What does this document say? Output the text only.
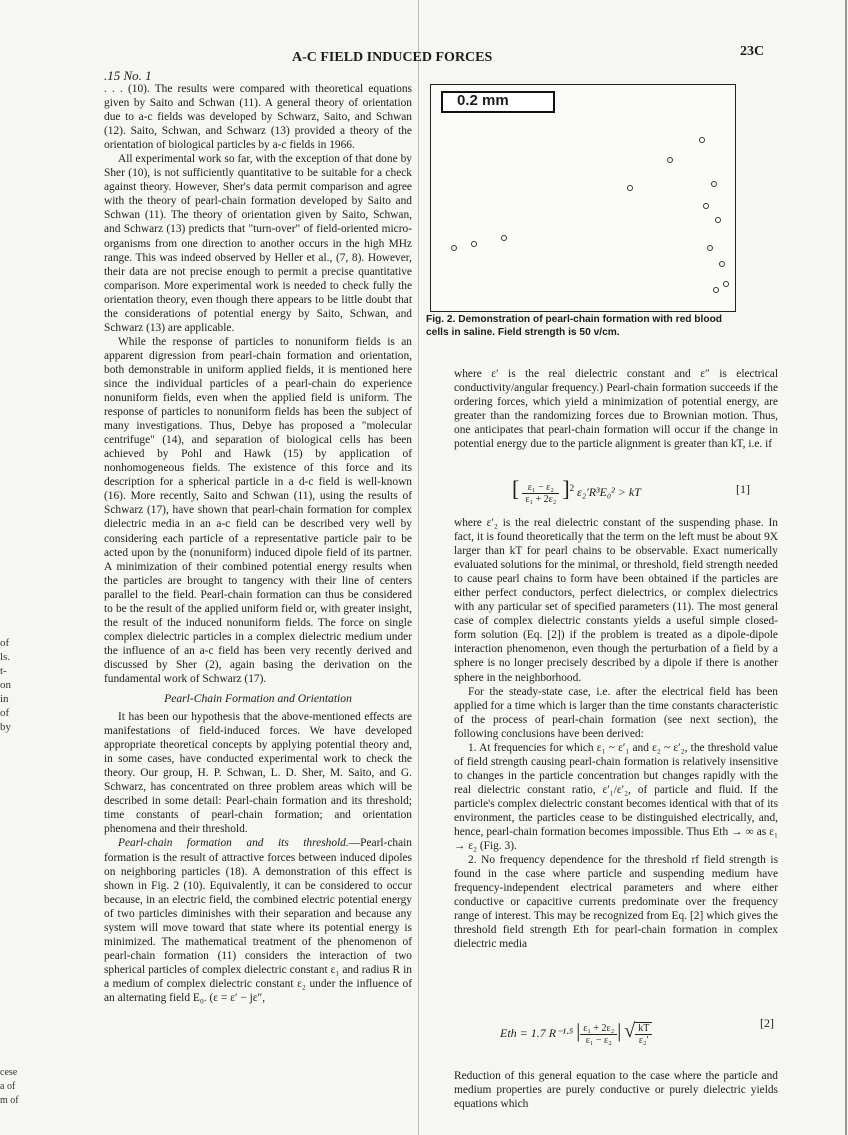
.15 No. 1
A-C FIELD INDUCED FORCES	23C
of
ls.
t-
on
in
of
by
cese
a of
m of

. . . (10). The results were compared with theoretical equations given by Saito and Schwan (11). A general theory of orientation due to a-c fields was developed by Schwarz, Saito, and Schwan (12). Saito, Schwan, and Schwarz (13) provided a theory of the orientation of biological particles by a-c fields in 1966.

All experimental work so far, with the exception of that done by Sher (10), is not sufficiently quantitative to be suitable for a check against theory. However, Sher's data permit comparison and agree with the theory of pearl-chain formation developed by Saito and Schwan (11). The theory of orientation given by Saito, Schwan, and Schwarz (13) predicts that "turn-over" of field-oriented micro-organisms from one direction to another occurs in the high MHz range. This was indeed observed by Heller et al., (7, 8). However, their data are not precise enough to permit a precise quantitative comparison. More experimental work is needed to check fully the orientation theory, even though there appears to be little doubt that the considerations of potential energy by Saito, Schwan, and Schwarz (13) are applicable.

While the response of particles to nonuniform fields is an apparent digression from pearl-chain formation and orientation, both demonstrable in uniform applied fields, it is mentioned here since the individual particles of a pearl-chain do experience nonuniform fields, even when the applied field is uniform. The response of particles to nonuniform fields has been the subject of many investigations. Thus, Debye has proposed a "molecular centrifuge" (14), and separation of biological cells has been achieved by Pohl and Hawk (15) by application of nonhomogeneous fields. The existence of this force and its description for a spherical particle in a d-c field is well-known (16). More recently, Saito and Schwan (11), using the results of Schwarz (17), have shown that pearl-chain formation for complex dielectric media in an a-c field can be described very well by considering each particle of a representative particle pair to be acted upon by the (nonuniform) induced dipole field of its partner. A minimization of their combined potential energy results when the particles are brought to tangency with their line of centers parallel to the field. Pearl-chain formation can thus be considered to be the result of the applied uniform field or, with greater insight, the result of the induced nonuniform fields. The force on single complex dielectric particles in a complex dielectric medium under the influence of an a-c field has been very recently derived and discussed by Sher (2), again basing the derivation on the fundamental work of Schwarz (17).

Pearl-Chain Formation and Orientation

It has been our hypothesis that the above-mentioned effects are manifestations of field-induced forces. We have developed appropriate theoretical concepts by applying potential theory and, in some cases, have conducted experimental work to check the theory. Our group, H. P. Schwan, L. D. Sher, M. Saito, and G. Schwarz, has concentrated on three problem areas which will be described in some detail: Pearl-chain formation and its threshold; time constants of pearl-chain formation; and orientation phenomena and their threshold.

Pearl-chain formation and its threshold.—Pearl-chain formation is the result of attractive forces between induced dipoles on neighboring particles (18). A demonstration of this effect is shown in Fig. 2 (10). Equivalently, it can be considered to occur because, in an electric field, the combined electric potential energy of two particles diminishes with their separation and because any system will move toward that state where its potential energy is minimized. The mathematical treatment of the phenomenon of pearl-chain formation (11) considers the interaction of two spherical particles of complex dielectric constant ε₁ and radius R in a medium of complex dielectric constant ε₂ under the influence of an alternating field E₀. (ε = ε′ − jε″,

0.2 mm
Fig. 2. Demonstration of pearl-chain formation with red blood cells in saline. Field strength is 50 v/cm.

where ε′ is the real dielectric constant and ε″ is electrical conductivity/angular frequency.) Pearl-chain formation succeeds if the ordering forces, which yield a minimization of potential energy, are greater than the randomizing forces due to Brownian motion. Thus, one anticipates that pearl-chain formation will occur if the change in potential energy due to the particle alignment is greater than kT, i.e. if

[ $\frac{\text{ε₁ − ε₂}}{\text{ε₁ + 2ε₂}} ]^2$ ε₂′R³E₀² > kT	[1]

where ε′₂ is the real dielectric constant of the suspending phase. In fact, it is found theoretically that the term on the left must be about 9X larger than kT for pearl chains to be observable. Exact numerically evaluated solutions for the minimal, or threshold, field strength needed to cause pearl chains to form have been obtained if the particles are either perfect conductors, perfect dielectrics, or complex dielectrics with any particular set of specified parameters (11). The most general case of complex dielectric constants yields a useful simple closed-form solution (Eq. [2]) if the problem is treated as a dipole-dipole interaction phenomenon, even though the perturbation of a field by a sphere is no longer precisely described by a dipole if there is another sphere in the neighborhood.

For the steady-state case, i.e. after the electrical field has been applied for a time which is larger than the time constants characteristic of the process of pearl-chain formation (see next section), the following conclusions have been derived:

1. At frequencies for which ε₁ ~ ε′₁ and ε₂ ~ ε′₂, the threshold value of field strength causing pearl-chain formation is relatively insensitive to changes in the particle concentration but changes rapidly with the real dielectric constant ratio, ε′₁/ε′₂, of particle and fluid. If the particle's complex dielectric constant becomes identical with that of its environment, the particles cease to be distinguished electrically, and, hence, pearl-chain formation becomes impossible. Thus Eth → ∞ as ε₁ → ε₂ (Fig. 3).

2. No frequency dependence for the threshold rf field strength is found in the case where particle and suspending medium have frequency-independent electrical parameters and where either conductive or capacitive currents predominate over the frequency range of interest. This may be recognized from Eq. [2] which gives the threshold field strength Eth for pearl-chain formation in complex dielectric media

Eth = 1.7 R⁻¹·⁵ | $\frac{\text{ε₁ + 2ε₂}}{\text{ε₁ − ε₂}}$ | √ $\frac{kT}{\text{ε₂′}}$	[2]

Reduction of this general equation to the case where the particle and medium properties are purely conductive or purely dielectric yields equations which
